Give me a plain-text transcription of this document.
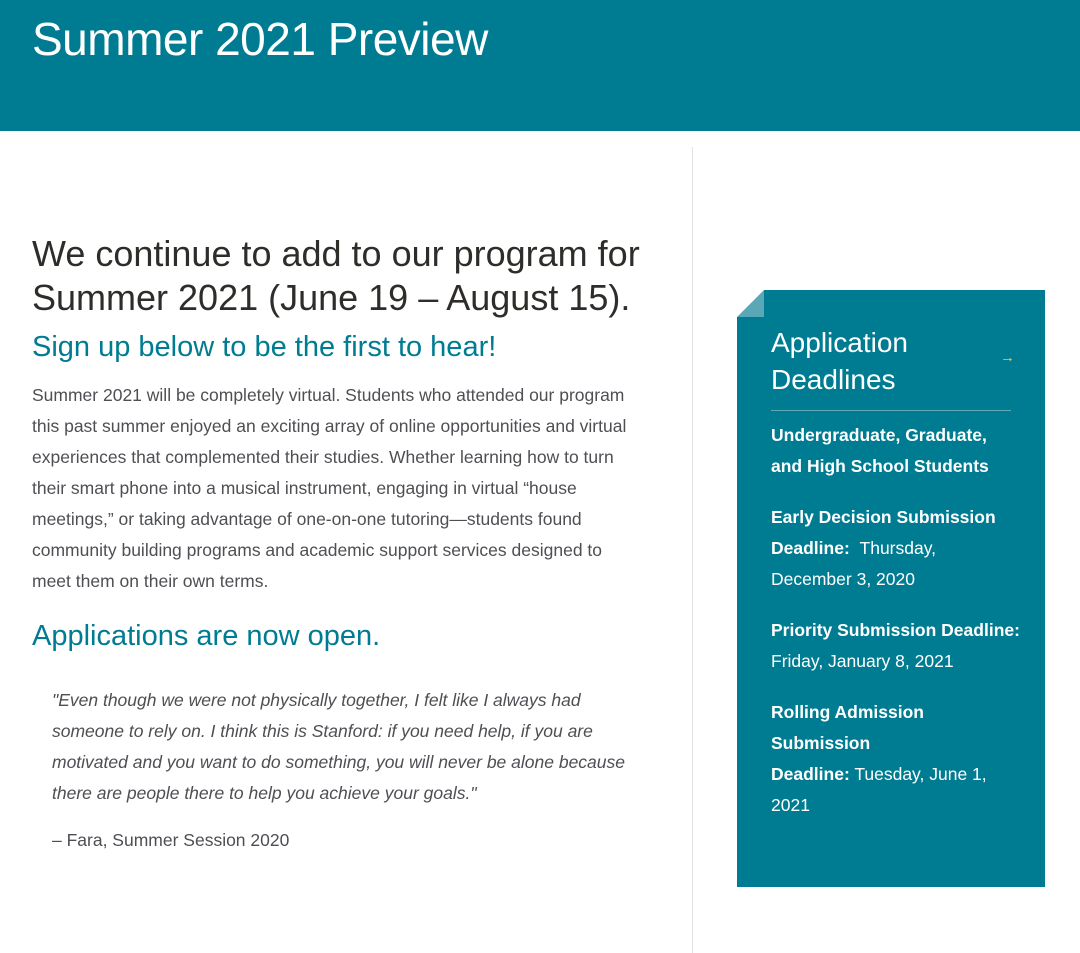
Summer 2021 Preview
We continue to add to our program for Summer 2021 (June 19 – August 15).
Sign up below to be the first to hear!

Summer 2021 will be completely virtual. Students who attended our program this past summer enjoyed an exciting array of online opportunities and virtual experiences that complemented their studies. Whether learning how to turn their smart phone into a musical instrument, engaging in virtual “house meetings,” or taking advantage of one-on-one tutoring—students found community building programs and academic support services designed to meet them on their own terms.

Applications are now open.
"Even though we were not physically together, I felt like I always had someone to rely on. I think this is Stanford: if you need help, if you are motivated and you want to do something, you will never be alone because there are people there to help you achieve your goals."

– Fara, Summer Session 2020

Application Deadlines
→

Undergraduate, Graduate, and High School Students

Early Decision Submission Deadline: Thursday, December 3, 2020

Priority Submission Deadline: Friday, January 8, 2021

Rolling Admission Submission
Deadline: Tuesday, June 1, 2021
